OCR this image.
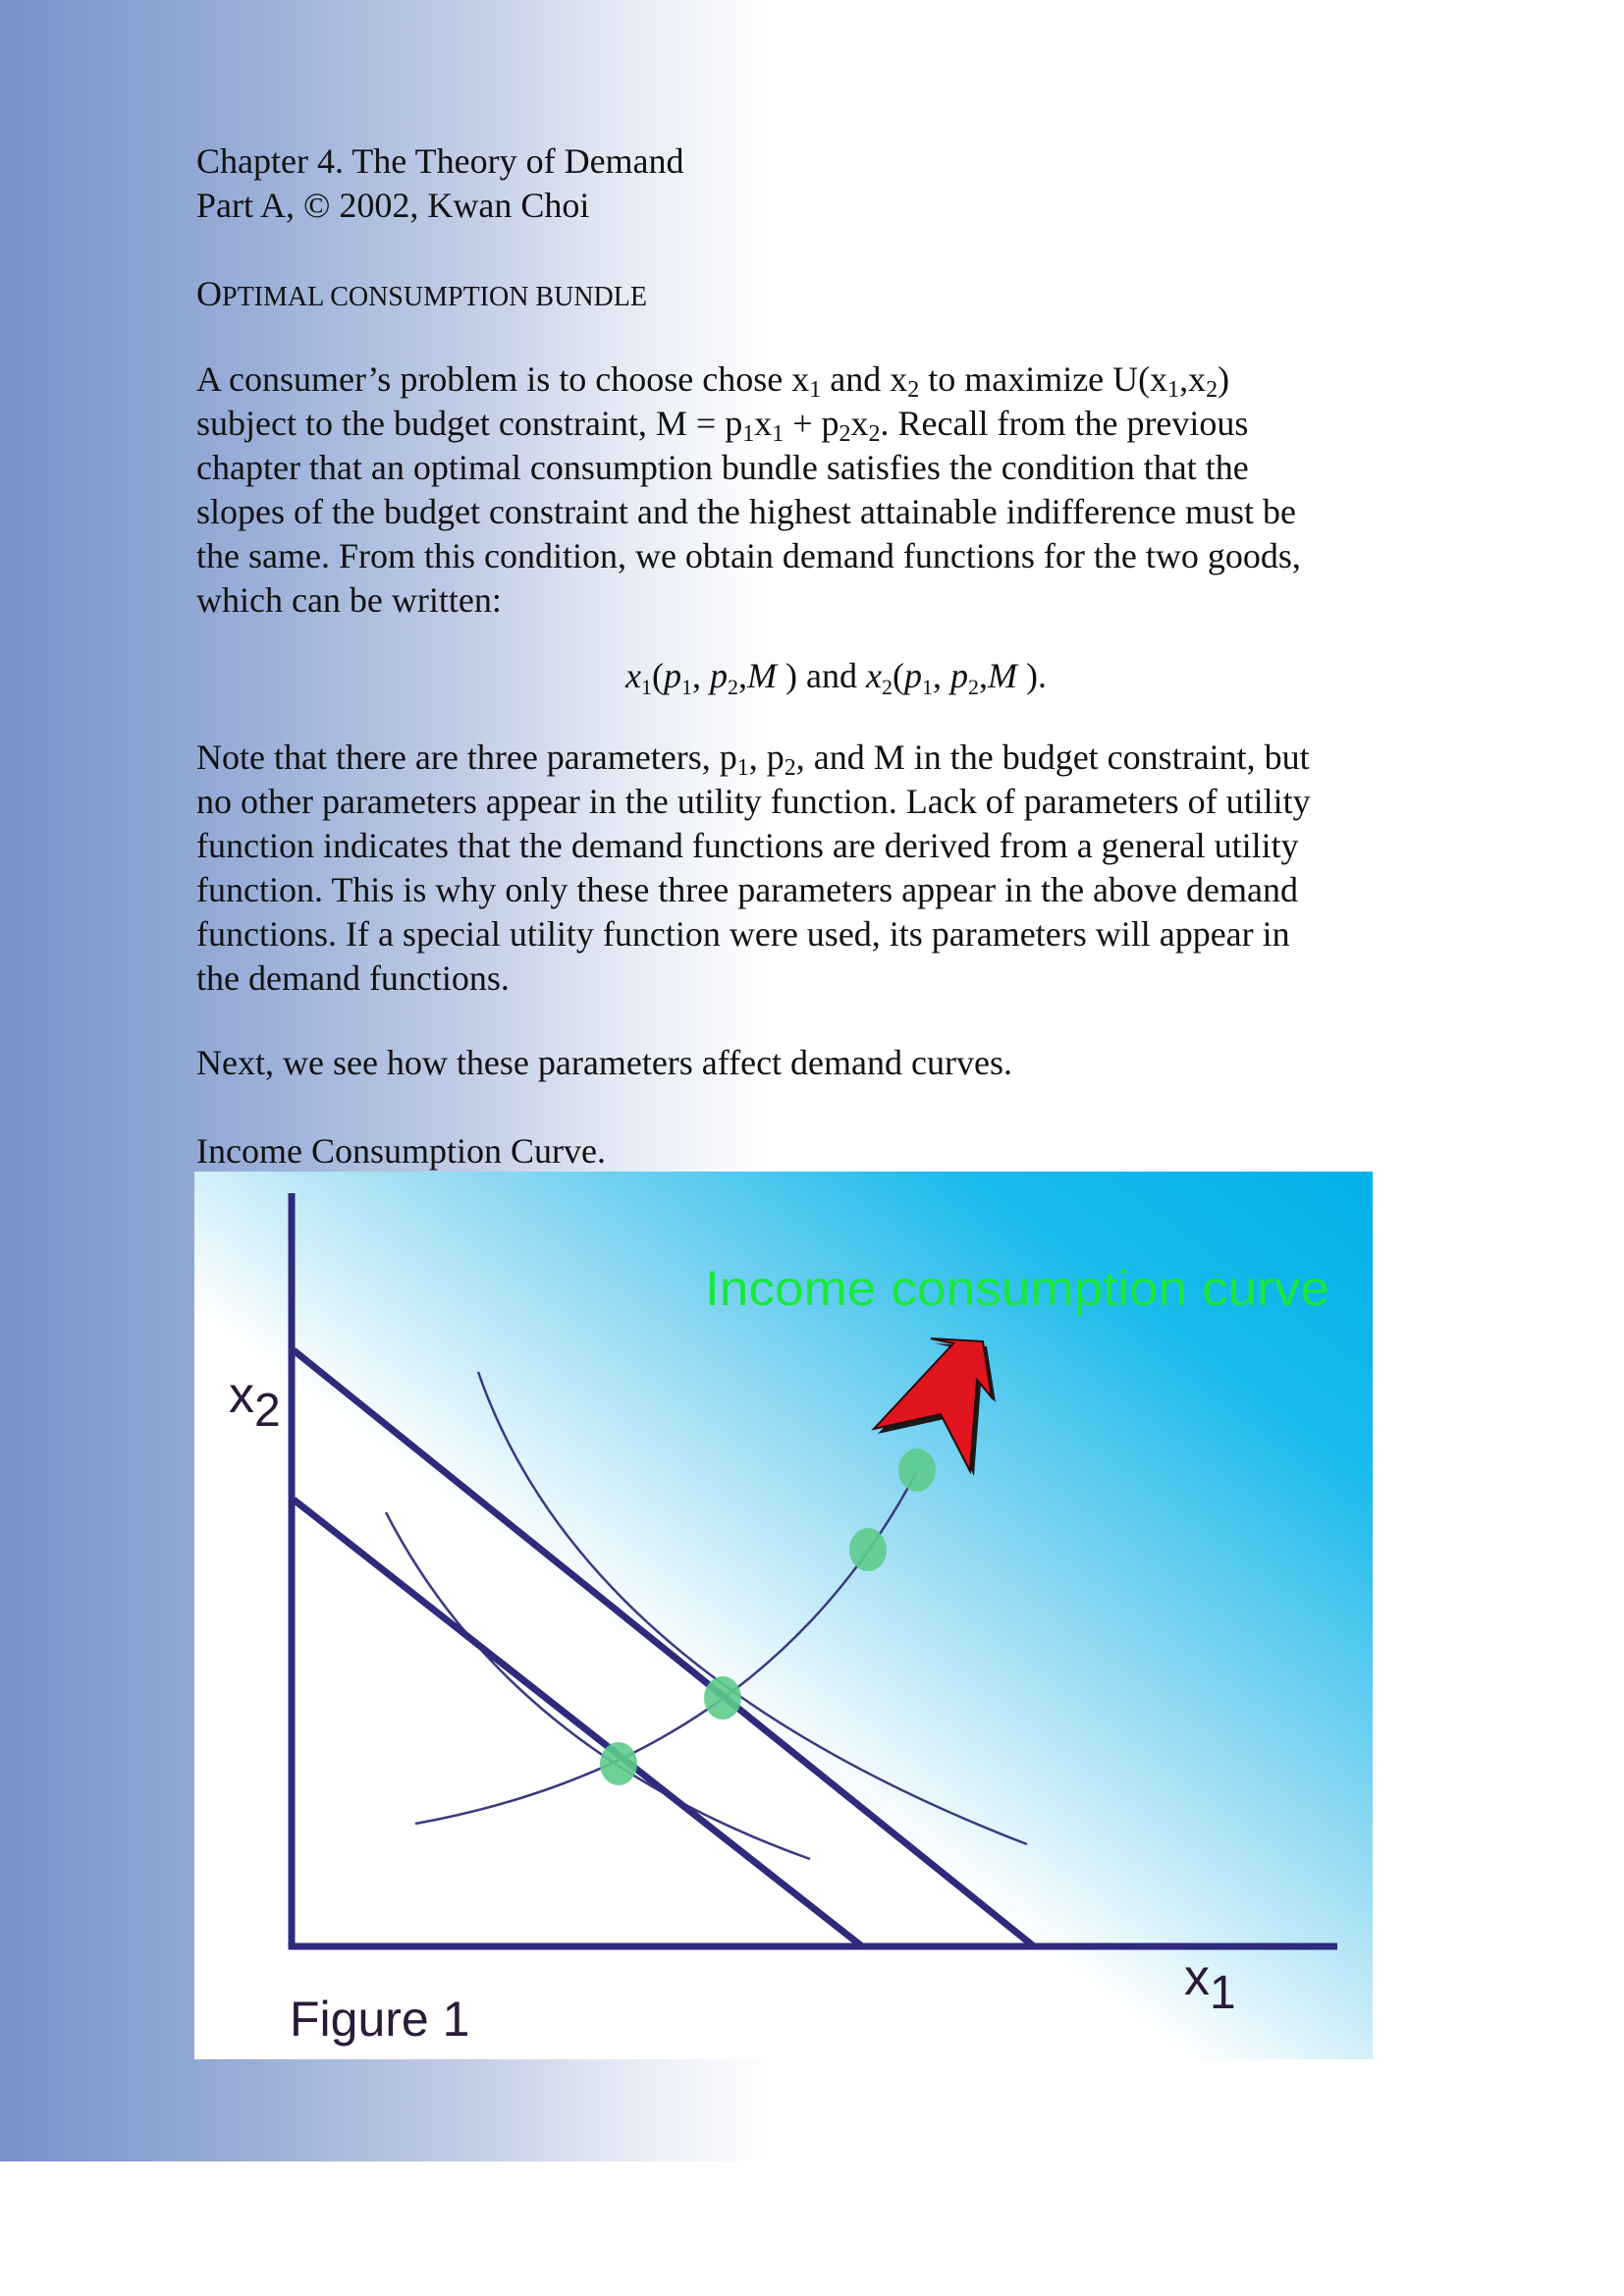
Chapter 4. The Theory of Demand
Part A, © 2002, Kwan Choi
OPTIMAL CONSUMPTION BUNDLE
A consumer’s problem is to choose chose $x_1$ and $x_2$ to maximize $U(x_1,x_2)$
subject to the budget constraint, $M = p_1x_1 + p_2x_2$. Recall from the previous
chapter that an optimal consumption bundle satisfies the condition that the
slopes of the budget constraint and the highest attainable indifference must be
the same. From this condition, we obtain demand functions for the two goods,
which can be written:
$x_1(p_1$, $p_2,M$ ) and $x_2(p_1$, $p_2,M$ ).
Note that there are three parameters, $p_1$, $p_2$, and M in the budget constraint, but
no other parameters appear in the utility function. Lack of parameters of utility
function indicates that the demand functions are derived from a general utility
function. This is why only these three parameters appear in the above demand
functions. If a special utility function were used, its parameters will appear in
the demand functions.
Next, we see how these parameters affect demand curves.
Income Consumption Curve.
Income consumption curve
x2
x1
Figure 1
